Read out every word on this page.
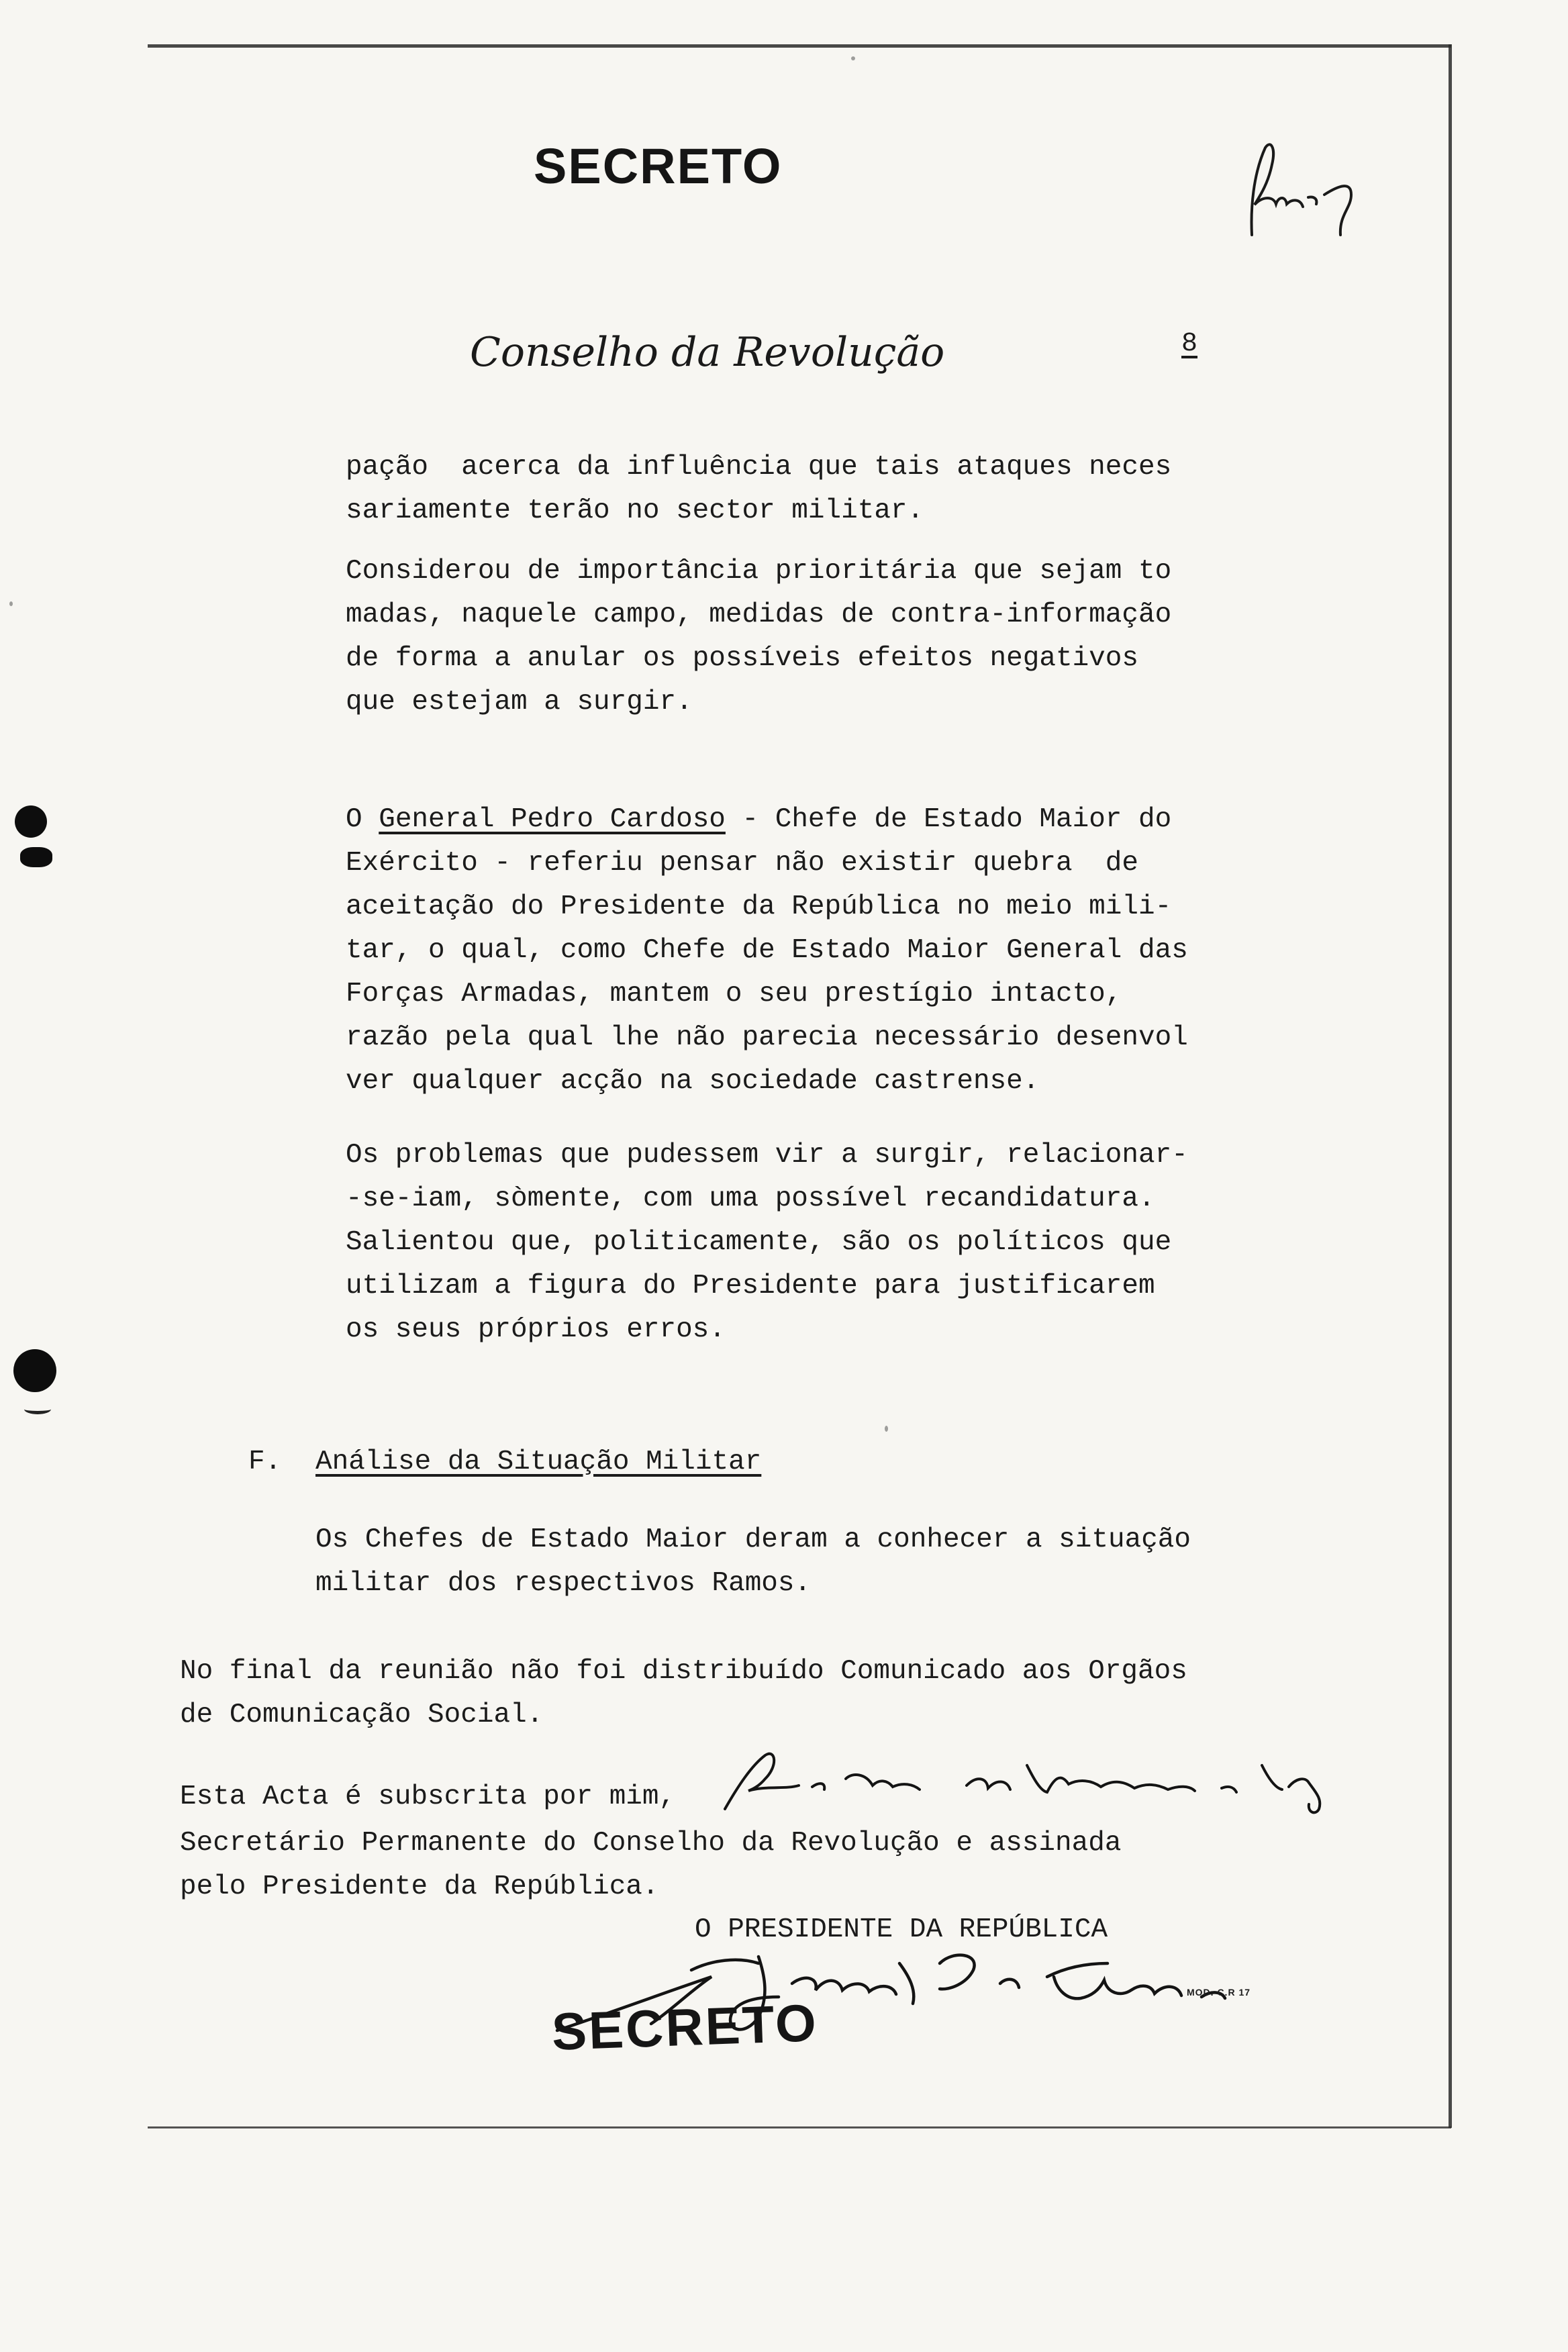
SECRETO
Conselho da Revolução	8

pação  acerca da influência que tais ataques neces

sariamente terão no sector militar.

Considerou de importância prioritária que sejam to

madas, naquele campo, medidas de contra-informação

de forma a anular os possíveis efeitos negativos

que estejam a surgir.

O General Pedro Cardoso - Chefe de Estado Maior do

Exército - referiu pensar não existir quebra  de

aceitação do Presidente da República no meio mili-

tar, o qual, como Chefe de Estado Maior General das

Forças Armadas, mantem o seu prestígio intacto,

razão pela qual lhe não parecia necessário desenvol

ver qualquer acção na sociedade castrense.

Os problemas que pudessem vir a surgir, relacionar-

-se-iam, sòmente, com uma possível recandidatura.

Salientou que, politicamente, são os políticos que

utilizam a figura do Presidente para justificarem

os seus próprios erros.

F. Análise da Situação Militar

Os Chefes de Estado Maior deram a conhecer a situação

militar dos respectivos Ramos.

No final da reunião não foi distribuído Comunicado aos Orgãos

de Comunicação Social.

Esta Acta é subscrita por mim,

Secretário Permanente do Conselho da Revolução e assinada

pelo Presidente da República.

O PRESIDENTE DA REPÚBLICA

MOD. C.R 17
SECRETO
